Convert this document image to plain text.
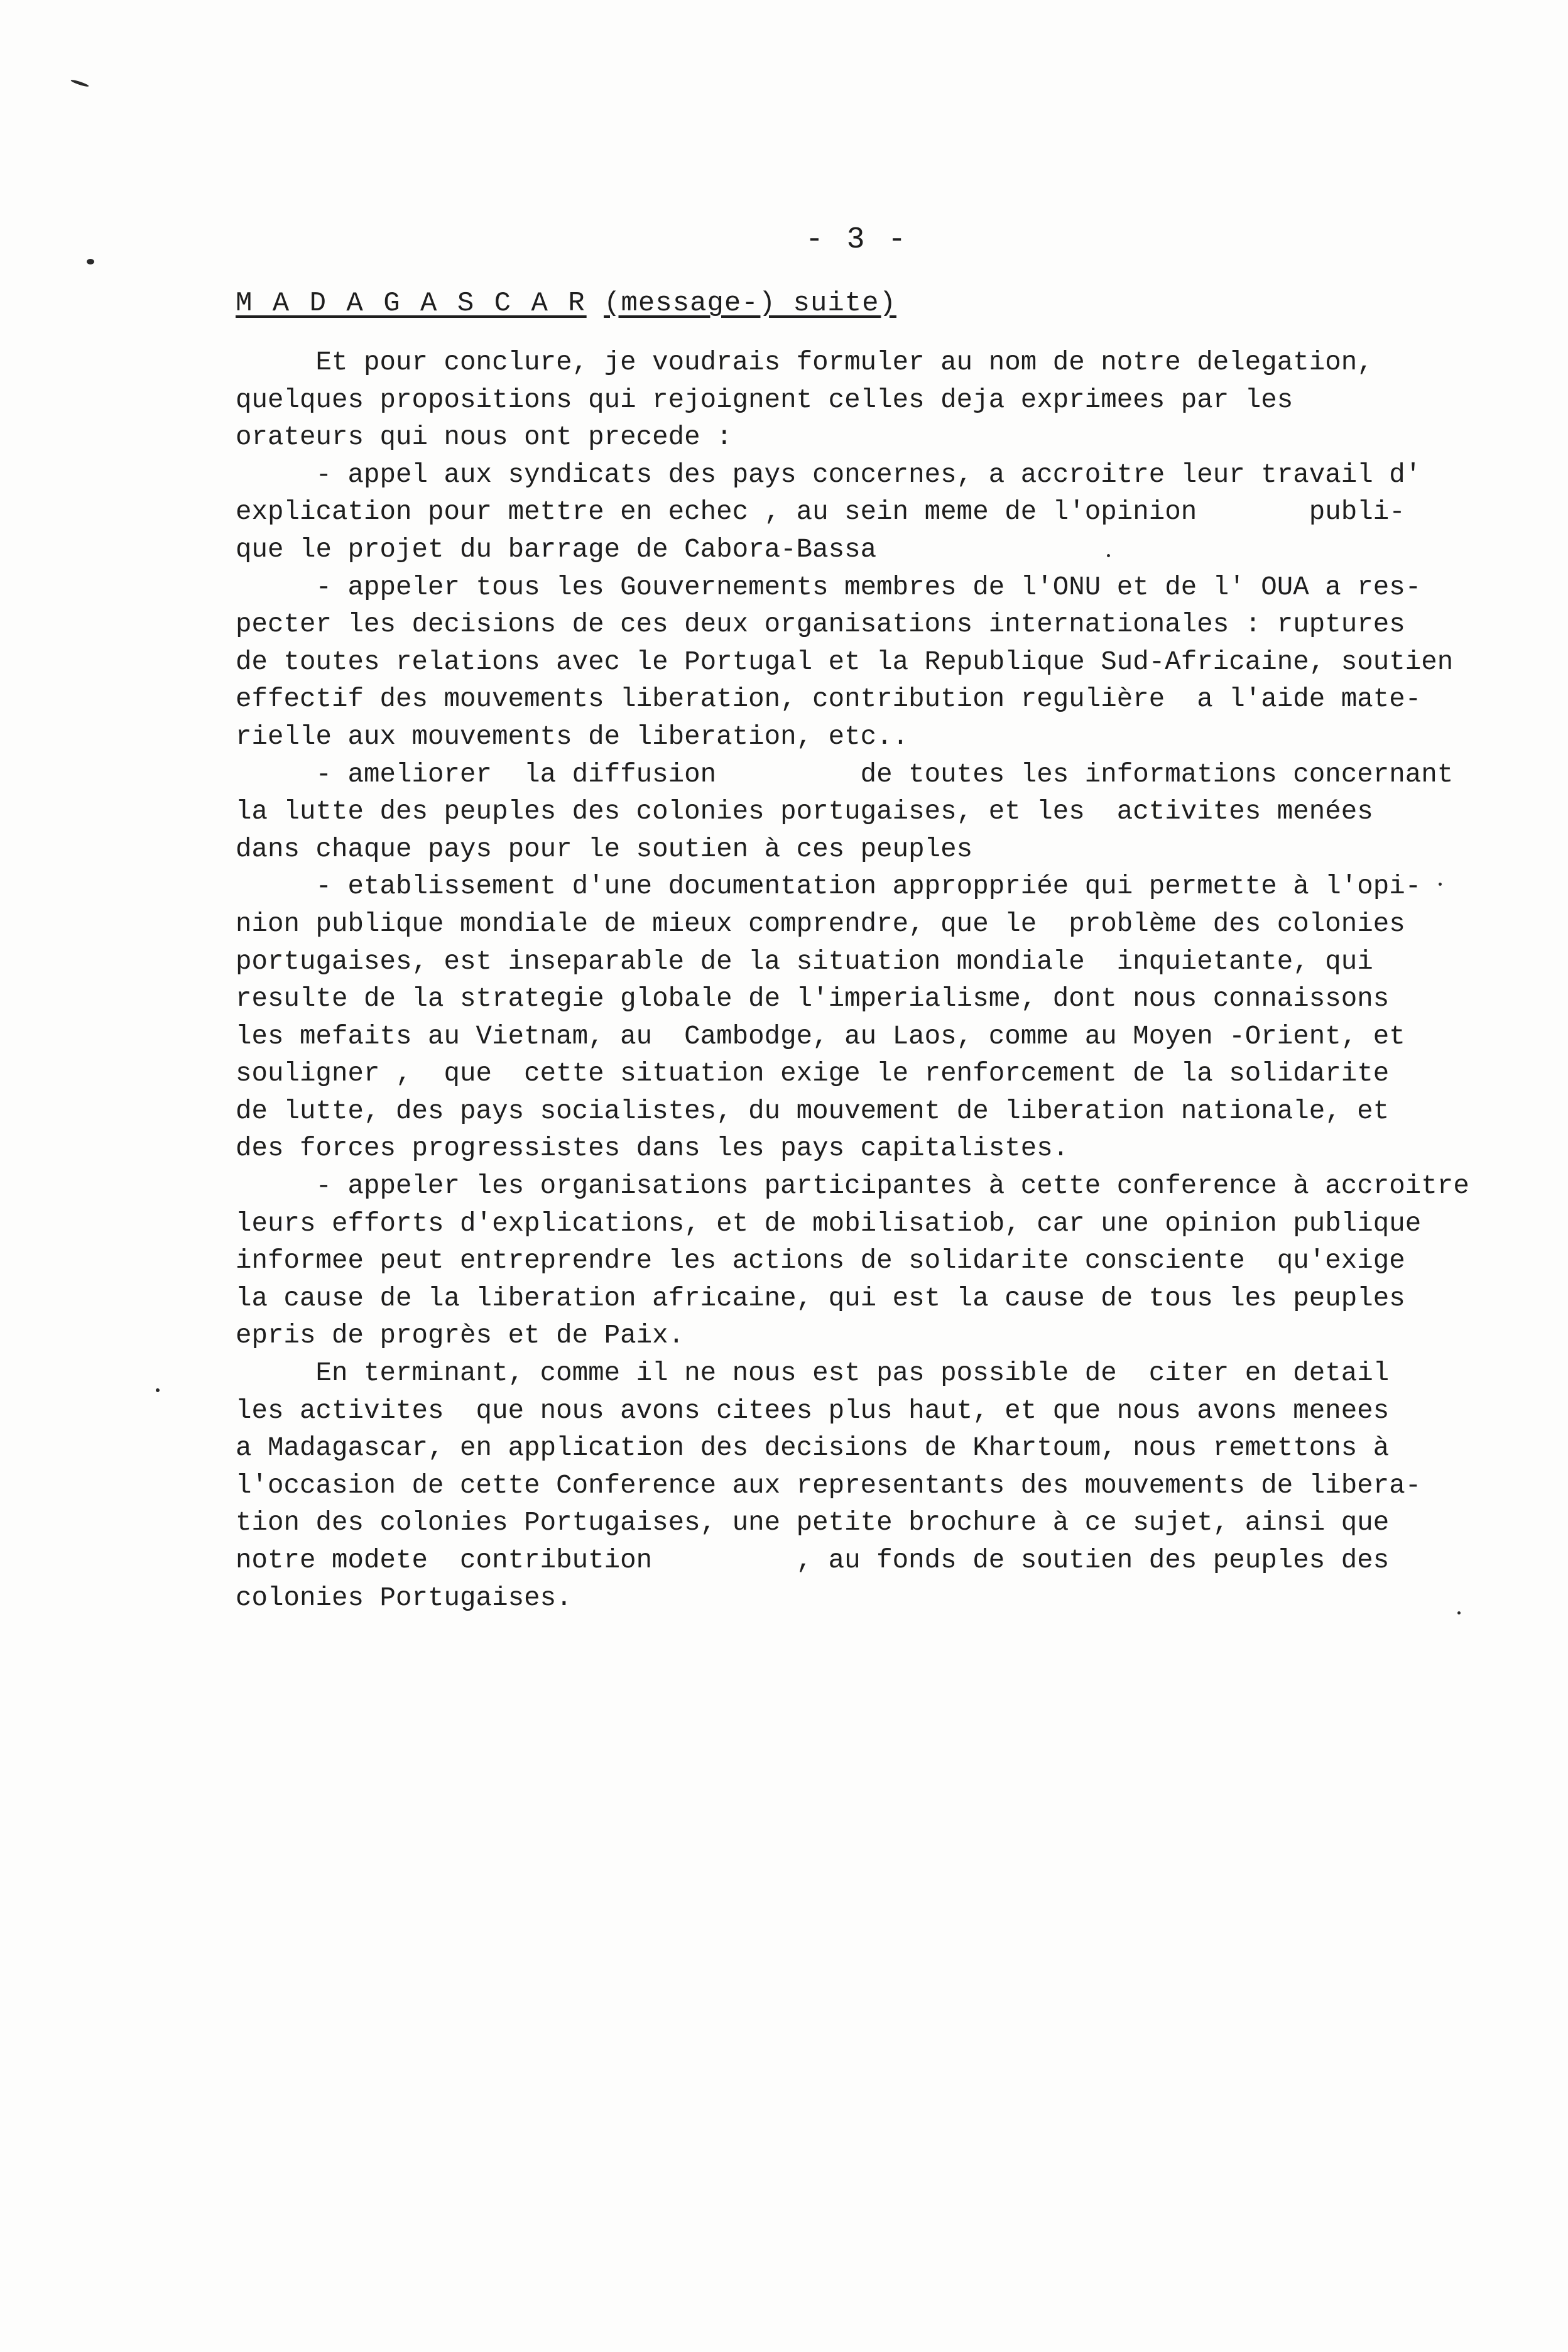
- 3 -
M A D A G A S C A R (message-) suite)
Et pour conclure, je voudrais formuler au nom de notre delegation,
quelques propositions qui rejoignent celles deja exprimees par les
orateurs qui nous ont precede :
- appel aux syndicats des pays concernes, a accroitre leur travail d'
explication pour mettre en echec , au sein meme de l'opinion       publi-
que le projet du barrage de Cabora-Bassa
- appeler tous les Gouvernements membres de l'ONU et de l' OUA a res-
pecter les decisions de ces deux organisations internationales : ruptures
de toutes relations avec le Portugal et la Republique Sud-Africaine, soutien
effectif des mouvements liberation, contribution regulière  a l'aide mate-
rielle aux mouvements de liberation, etc..
- ameliorer  la diffusion         de toutes les informations concernant
la lutte des peuples des colonies portugaises, et les  activites menées
dans chaque pays pour le soutien à ces peuples
- etablissement d'une documentation approppriée qui permette à l'opi-
nion publique mondiale de mieux comprendre, que le  problème des colonies
portugaises, est inseparable de la situation mondiale  inquietante, qui
resulte de la strategie globale de l'imperialisme, dont nous connaissons
les mefaits au Vietnam, au  Cambodge, au Laos, comme au Moyen -Orient, et
souligner ,  que  cette situation exige le renforcement de la solidarite
de lutte, des pays socialistes, du mouvement de liberation nationale, et
des forces progressistes dans les pays capitalistes.
- appeler les organisations participantes à cette conference à accroitre
leurs efforts d'explications, et de mobilisatiob, car une opinion publique
informee peut entreprendre les actions de solidarite consciente  qu'exige
la cause de la liberation africaine, qui est la cause de tous les peuples
epris de progrès et de Paix.
En terminant, comme il ne nous est pas possible de  citer en detail
les activites  que nous avons citees plus haut, et que nous avons menees
a Madagascar, en application des decisions de Khartoum, nous remettons à
l'occasion de cette Conference aux representants des mouvements de libera-
tion des colonies Portugaises, une petite brochure à ce sujet, ainsi que
notre modete  contribution         , au fonds de soutien des peuples des
colonies Portugaises.
